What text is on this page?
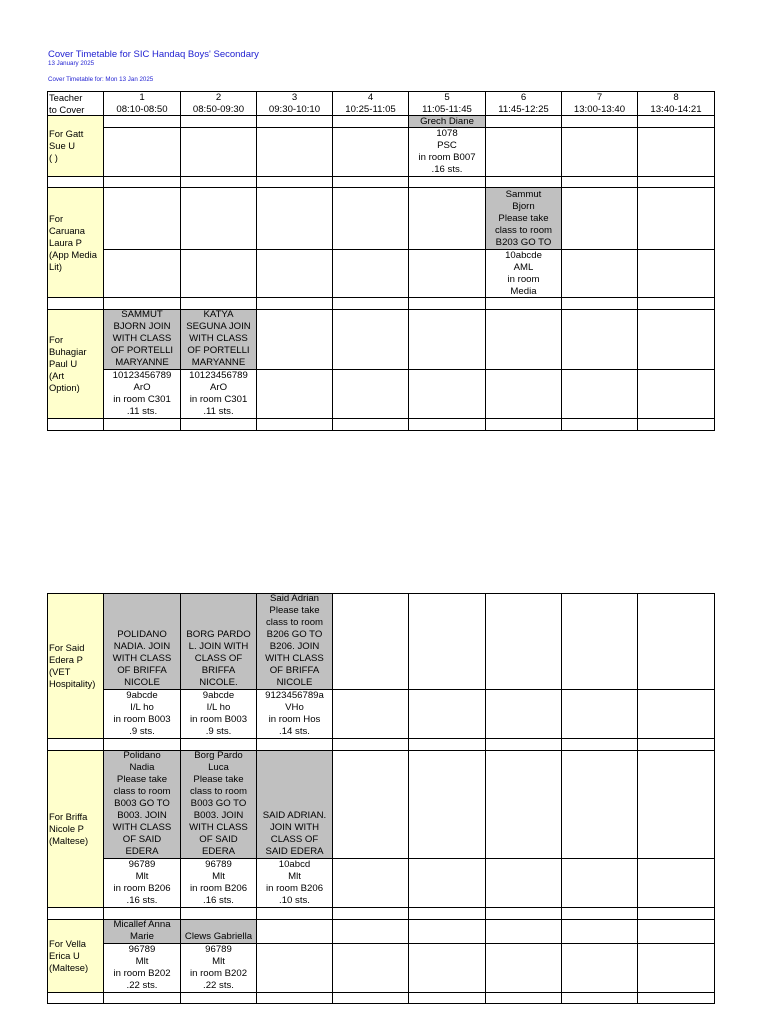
Cover Timetable for SIC Handaq Boys' Secondary
13 January 2025
Cover Timetable for: Mon 13 Jan 2025
Teacher
to Cover
1
08:10-08:50
2
08:50-09:30
3
09:30-10:10
4
10:25-11:05
5
11:05-11:45
6
11:45-12:25
7
13:00-13:40
8
13:40-14:21
For Gatt
Sue U
( )
Grech Diane
1078
PSC
in room B007
.16 sts.
For
Caruana
Laura P
(App Media
Lit)
Sammut
Bjorn
Please take
class to room
B203 GO TO
10abcde
AML
in room
Media
For
Buhagiar
Paul U
(Art
Option)
SAMMUT
BJORN JOIN
WITH CLASS
OF PORTELLI
MARYANNE
KATYA
SEGUNA JOIN
WITH CLASS
OF PORTELLI
MARYANNE
10123456789
ArO
in room C301
.11 sts.
10123456789
ArO
in room C301
.11 sts.
For Said
Edera P
(VET
Hospitality)
POLIDANO
NADIA. JOIN
WITH CLASS
OF BRIFFA
NICOLE
BORG PARDO
L. JOIN WITH
CLASS OF
BRIFFA
NICOLE.
Said Adrian
Please take
class to room
B206 GO TO
B206. JOIN
WITH CLASS
OF BRIFFA
NICOLE
9abcde
I/L ho
in room B003
.9 sts.
9abcde
I/L ho
in room B003
.9 sts.
9123456789a
VHo
in room Hos
.14 sts.
For Briffa
Nicole P
(Maltese)
Polidano
Nadia
Please take
class to room
B003 GO TO
B003. JOIN
WITH CLASS
OF SAID
EDERA
Borg Pardo
Luca
Please take
class to room
B003 GO TO
B003. JOIN
WITH CLASS
OF SAID
EDERA
SAID ADRIAN.
JOIN WITH
CLASS OF
SAID EDERA
96789
Mlt
in room B206
.16 sts.
96789
Mlt
in room B206
.16 sts.
10abcd
Mlt
in room B206
.10 sts.
For Vella
Erica U
(Maltese)
Micallef Anna
Marie	Clews Gabriella
96789
Mlt
in room B202
.22 sts.
96789
Mlt
in room B202
.22 sts.
